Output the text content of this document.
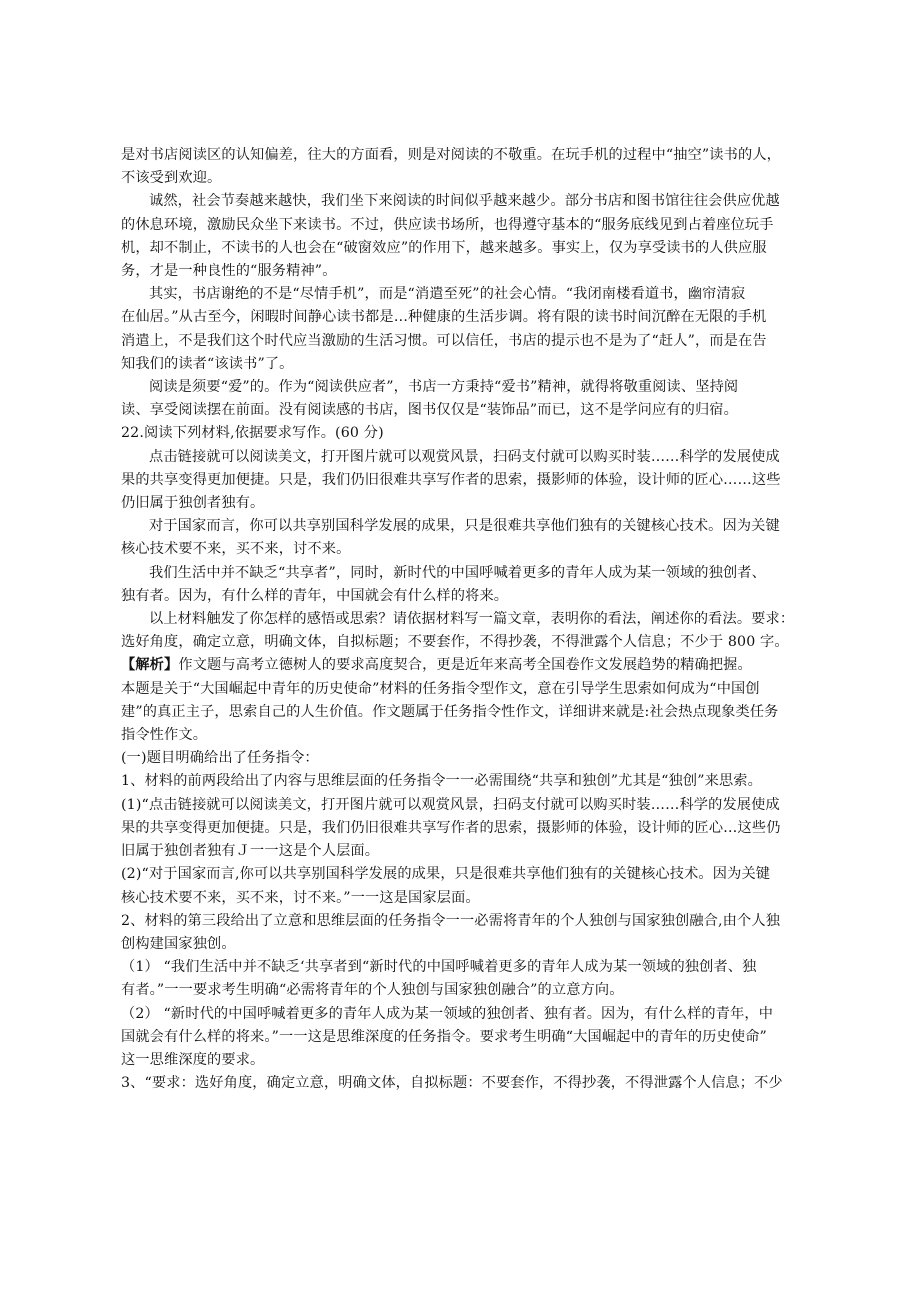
是对书店阅读区的认知偏差，往大的方面看，则是对阅读的不敬重。在玩手机的过程中“抽空”读书的人，
不该受到欢迎。
诚然，社会节奏越来越快，我们坐下来阅读的时间似乎越来越少。部分书店和图书馆往往会供应优越
的休息环境，激励民众坐下来读书。不过，供应读书场所，也得遵守基本的“服务底线见到占着座位玩手
机，却不制止，不读书的人也会在“破窗效应”的作用下，越来越多。事实上，仅为享受读书的人供应服
务，才是一种良性的“服务精神”。
其实，书店谢绝的不是“尽情手机”，而是“消遣至死”的社会心情。“我闭南楼看道书，幽帘清寂
在仙居。”从古至今，闲暇时间静心读书都是…种健康的生活步调。将有限的读书时间沉醉在无限的手机
消遣上，不是我们这个时代应当激励的生活习惯。可以信任，书店的提示也不是为了“赶人”，而是在告
知我们的读者“该读书”了。
阅读是须要“爱”的。作为“阅读供应者”，书店一方秉持“爱书”精神，就得将敬重阅读、坚持阅
读、享受阅读摆在前面。没有阅读感的书店，图书仅仅是“装饰品”而已，这不是学问应有的归宿。
22.阅读下列材料,依据要求写作。(60 分)
点击链接就可以阅读美文，打开图片就可以观赏风景，扫码支付就可以购买时装……科学的发展使成
果的共享变得更加便捷。只是，我们仍旧很难共享写作者的思索，摄影师的体验，设计师的匠心……这些
仍旧属于独创者独有。
对于国家而言，你可以共享别国科学发展的成果，只是很难共享他们独有的关键核心技术。因为关键
核心技术要不来，买不来，讨不来。
我们生活中并不缺乏“共享者”，同时，新时代的中国呼喊着更多的青年人成为某一领域的独创者、
独有者。因为，有什么样的青年，中国就会有什么样的将来。
以上材料触发了你怎样的感悟或思索？请依据材料写一篇文章，表明你的看法，阐述你的看法。要求：
选好角度，确定立意，明确文体，自拟标题；不要套作，不得抄袭，不得泄露个人信息；不少于 800 字。
【解析】作文题与高考立德树人的要求高度契合，更是近年来高考全国卷作文发展趋势的精确把握。
本题是关于“大国崛起中青年的历史使命”材料的任务指令型作文，意在引导学生思索如何成为“中国创
建”的真正主子，思索自己的人生价值。作文题属于任务指令性作文，详细讲来就是:社会热点现象类任务
指令性作文。
(一)题目明确给出了任务指令：
1、材料的前两段给出了内容与思维层面的任务指令一一必需围绕“共享和独创”尤其是“独创”来思索。
(1)“点击链接就可以阅读美文，打开图片就可以观赏风景，扫码支付就可以购买时装……科学的发展使成
果的共享变得更加便捷。只是，我们仍旧很难共享写作者的思索，摄影师的体验，设计师的匠心…这些仍
旧属于独创者独有Ｊ一一这是个人层面。
(2)“对于国家而言,你可以共享别国科学发展的成果，只是很难共享他们独有的关键核心技术。因为关键
核心技术要不来，买不来，讨不来。”一一这是国家层面。
2、材料的第三段给出了立意和思维层面的任务指令一一必需将青年的个人独创与国家独创融合,由个人独
创构建国家独创。
（1） “我们生活中并不缺乏‘共享者到“新时代的中国呼喊着更多的青年人成为某一领域的独创者、独
有者。”一一要求考生明确“必需将青年的个人独创与国家独创融合”的立意方向。
（2） “新时代的中国呼喊着更多的青年人成为某一领域的独创者、独有者。因为，有什么样的青年，中
国就会有什么样的将来。”一一这是思维深度的任务指令。要求考生明确“大国崛起中的青年的历史使命”
这一思维深度的要求。
3、“要求：选好角度，确定立意，明确文体，自拟标题：不要套作，不得抄袭，不得泄露个人信息；不少
